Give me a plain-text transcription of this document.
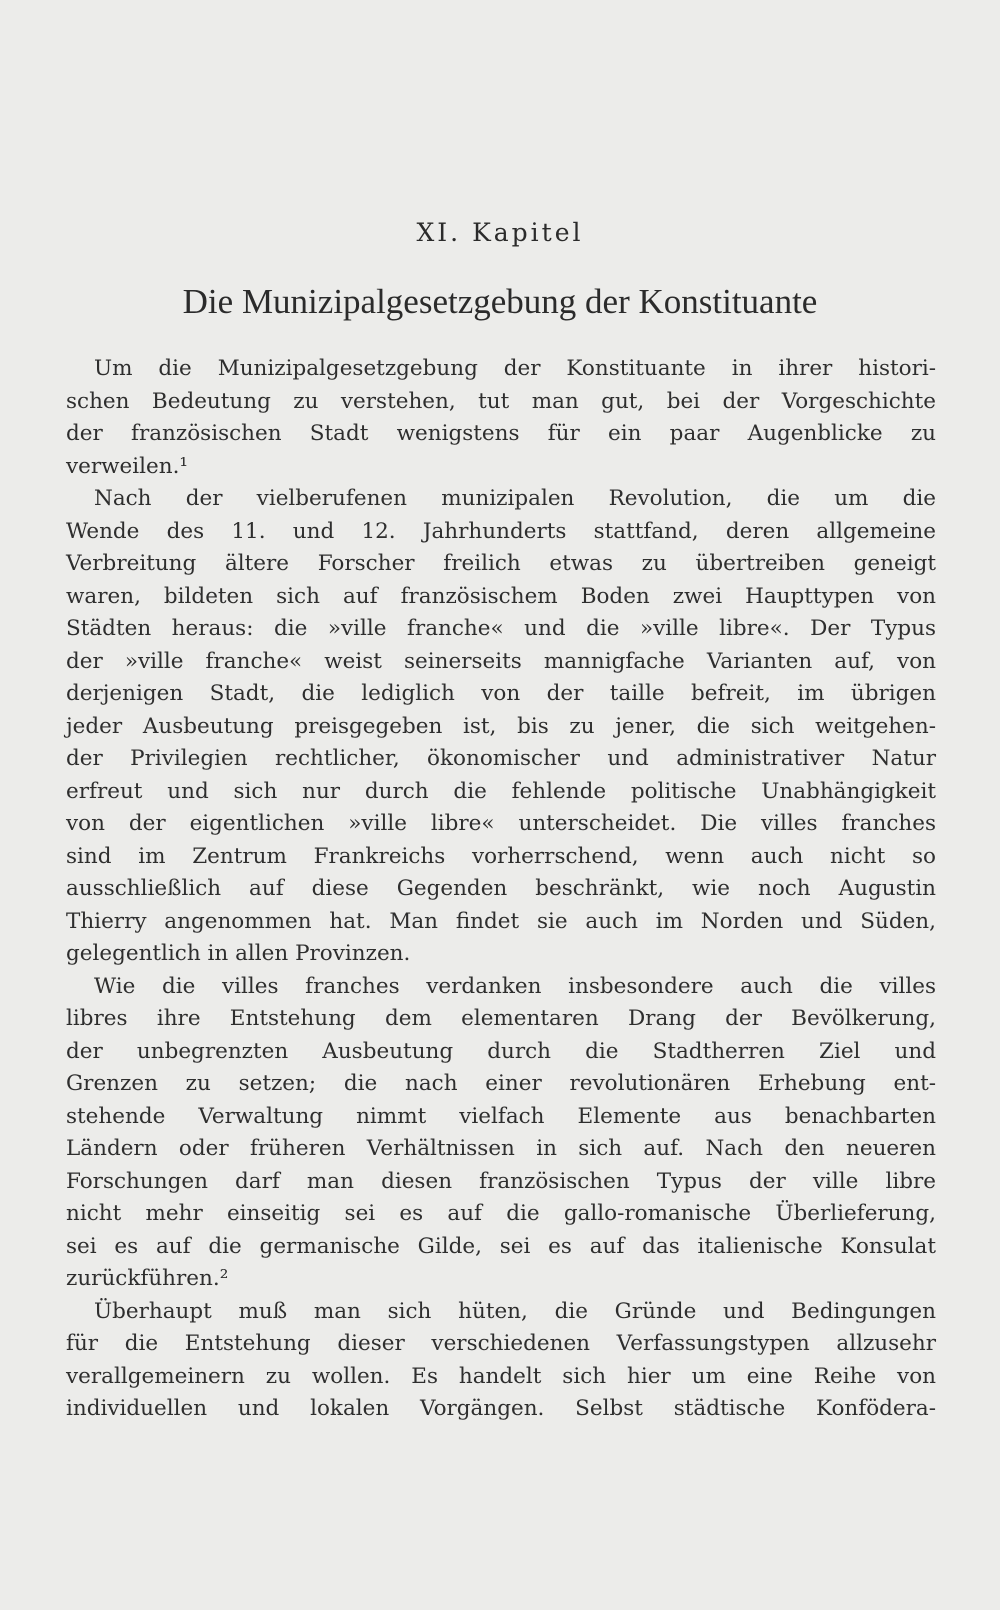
XI. Kapitel
Die Munizipalgesetzgebung der Konstituante
Um die Munizipalgesetzgebung der Konstituante in ihrer histori-
schen Bedeutung zu verstehen, tut man gut, bei der Vorgeschichte
der französischen Stadt wenigstens für ein paar Augenblicke zu
verweilen.¹
Nach der vielberufenen munizipalen Revolution, die um die
Wende des 11. und 12. Jahrhunderts stattfand, deren allgemeine
Verbreitung ältere Forscher freilich etwas zu übertreiben geneigt
waren, bildeten sich auf französischem Boden zwei Haupttypen von
Städten heraus: die »ville franche« und die »ville libre«. Der Typus
der »ville franche« weist seinerseits mannigfache Varianten auf, von
derjenigen Stadt, die lediglich von der taille befreit, im übrigen
jeder Ausbeutung preisgegeben ist, bis zu jener, die sich weitgehen-
der Privilegien rechtlicher, ökonomischer und administrativer Natur
erfreut und sich nur durch die fehlende politische Unabhängigkeit
von der eigentlichen »ville libre« unterscheidet. Die villes franches
sind im Zentrum Frankreichs vorherrschend, wenn auch nicht so
ausschließlich auf diese Gegenden beschränkt, wie noch Augustin
Thierry angenommen hat. Man findet sie auch im Norden und Süden,
gelegentlich in allen Provinzen.
Wie die villes franches verdanken insbesondere auch die villes
libres ihre Entstehung dem elementaren Drang der Bevölkerung,
der unbegrenzten Ausbeutung durch die Stadtherren Ziel und
Grenzen zu setzen; die nach einer revolutionären Erhebung ent-
stehende Verwaltung nimmt vielfach Elemente aus benachbarten
Ländern oder früheren Verhältnissen in sich auf. Nach den neueren
Forschungen darf man diesen französischen Typus der ville libre
nicht mehr einseitig sei es auf die gallo-romanische Überlieferung,
sei es auf die germanische Gilde, sei es auf das italienische Konsulat
zurückführen.²
Überhaupt muß man sich hüten, die Gründe und Bedingungen
für die Entstehung dieser verschiedenen Verfassungstypen allzusehr
verallgemeinern zu wollen. Es handelt sich hier um eine Reihe von
individuellen und lokalen Vorgängen. Selbst städtische Konfödera-
